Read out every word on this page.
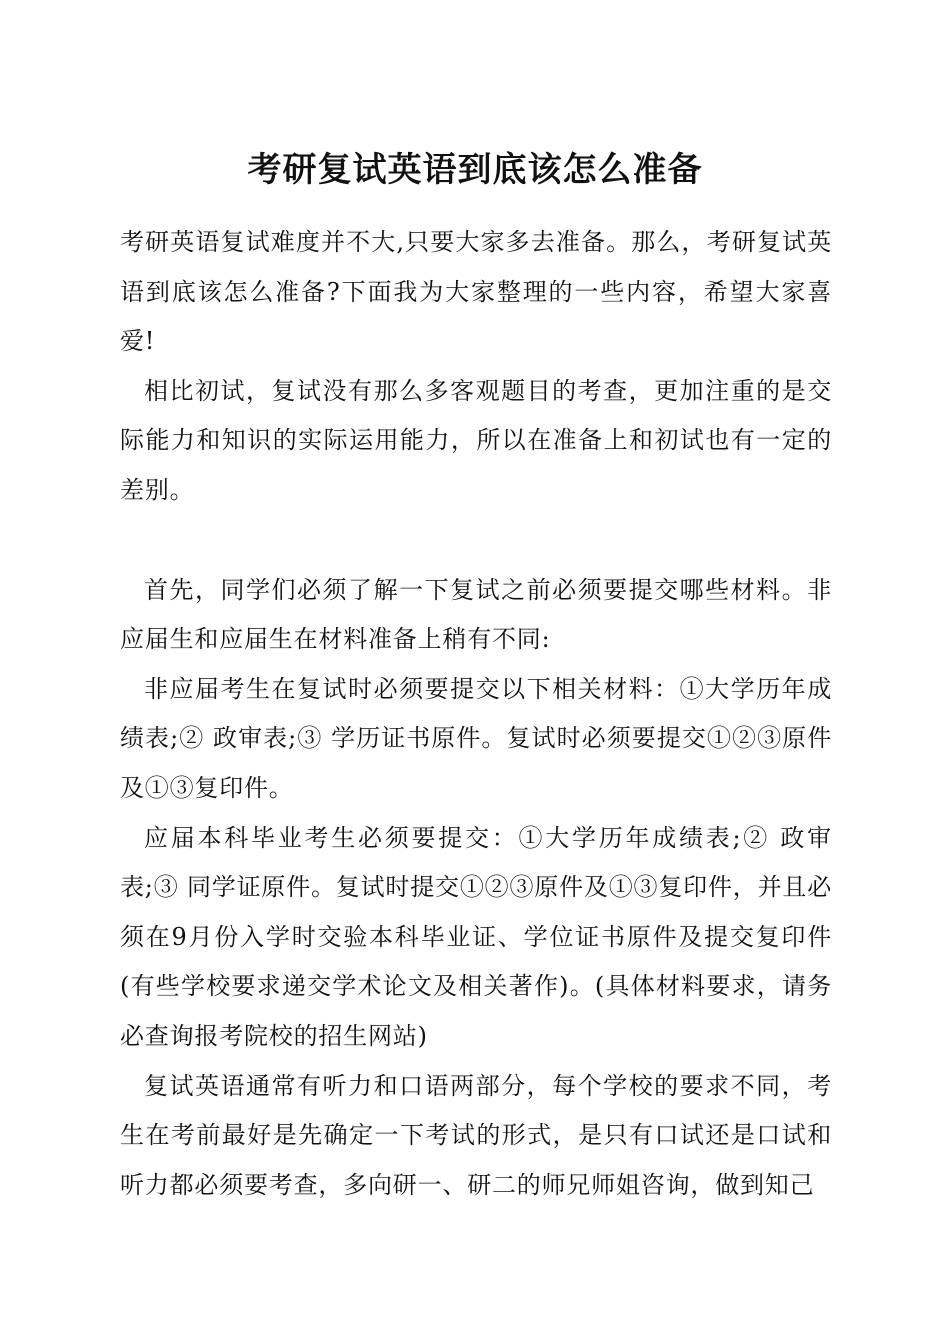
考研复试英语到底该怎么准备

考研英语复试难度并不大,只要大家多去准备。那么，考研复试英语到底该怎么准备?下面我为大家整理的一些内容，希望大家喜爱!

相比初试，复试没有那么多客观题目的考查，更加注重的是交际能力和知识的实际运用能力，所以在准备上和初试也有一定的差别。

首先，同学们必须了解一下复试之前必须要提交哪些材料。非应届生和应届生在材料准备上稍有不同:

非应届考生在复试时必须要提交以下相关材料：①大学历年成绩表;② 政审表;③ 学历证书原件。复试时必须要提交①②③原件及①③复印件。

应届本科毕业考生必须要提交：①大学历年成绩表;② 政审表;③ 同学证原件。复试时提交①②③原件及①③复印件，并且必须在9月份入学时交验本科毕业证、学位证书原件及提交复印件(有些学校要求递交学术论文及相关著作)。(具体材料要求，请务必查询报考院校的招生网站)

复试英语通常有听力和口语两部分，每个学校的要求不同，考生在考前最好是先确定一下考试的形式，是只有口试还是口试和听力都必须要考查，多向研一、研二的师兄师姐咨询，做到知己
